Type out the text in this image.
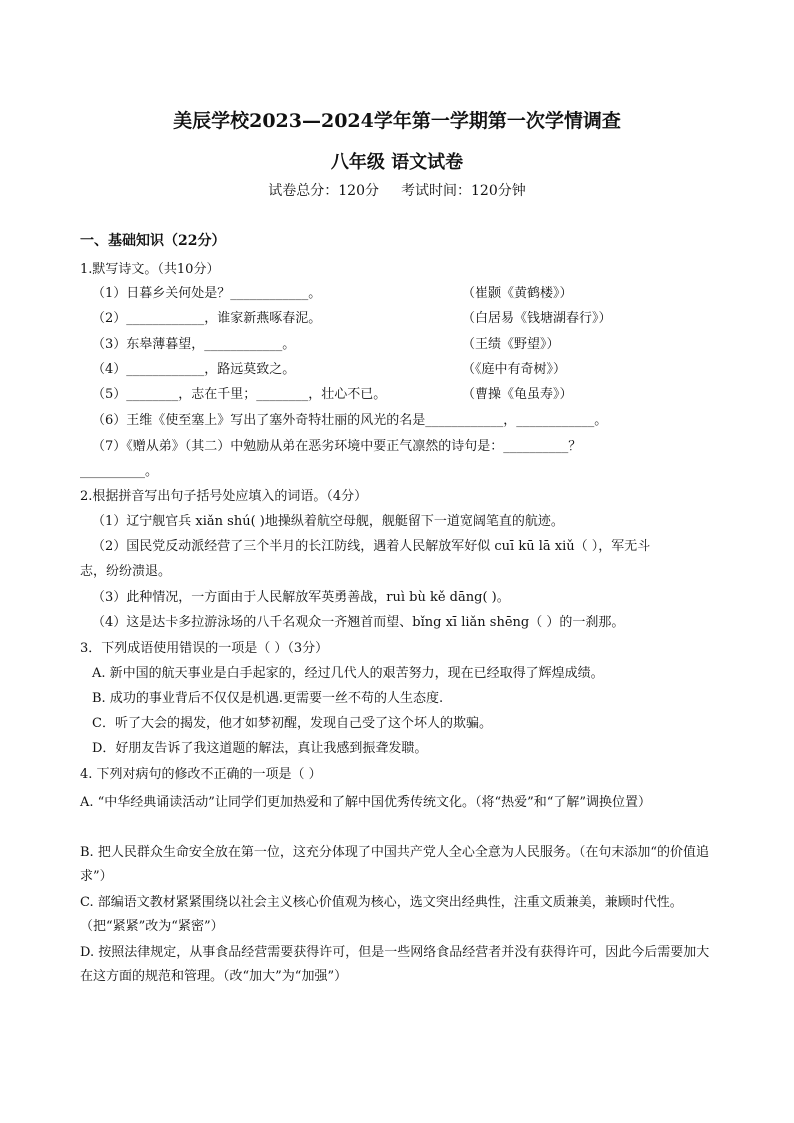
美辰学校2023—2024学年第一学期第一次学情调查
八年级 语文试卷
试卷总分：120分 考试时间：120分钟
一、基础知识（22分）
1.默写诗文。（共10分）
（1）日暮乡关何处是？____________。	（崔颢《黄鹤楼》）
（2）____________，谁家新燕啄春泥。	（白居易《钱塘湖春行》）
（3）东皋薄暮望，____________。	（王绩《野望》）
（4）____________，路远莫致之。	（《庭中有奇树》）
（5）________，志在千里；________，壮心不已。	（曹操《龟虽寿》）
（6）王维《使至塞上》写出了塞外奇特壮丽的风光的名是____________，____________。
（7）《赠从弟》（其二）中勉励从弟在恶劣环境中要正气凛然的诗句是：__________？
__________。
2.根据拼音写出句子括号处应填入的词语。（4分）
（1）辽宁舰官兵 xiǎn shú( )地操纵着航空母舰，舰艇留下一道宽阔笔直的航迹。
（2）国民党反动派经营了三个半月的长江防线，遇着人民解放军好似 cuī kū lā xiǔ（ ），军无斗
志，纷纷溃退。
（3）此种情况，一方面由于人民解放军英勇善战，ruì bù kě dāng( )。
（4）这是达卡多拉游泳场的八千名观众一齐翘首而望、bǐng xī liǎn shēng（ ）的一刹那。
3．下列成语使用错误的一项是（ ）（3分）
A. 新中国的航天事业是白手起家的，经过几代人的艰苦努力，现在已经取得了辉煌成绩。
B. 成功的事业背后不仅仅是机遇.更需要一丝不苟的人生态度.
C．听了大会的揭发，他才如梦初醒，发现自己受了这个坏人的欺骗。
D．好朋友告诉了我这道题的解法，真让我感到振聋发聩。
4. 下列对病句的修改不正确的一项是（ ）
A. “中华经典诵读活动”让同学们更加热爱和了解中国优秀传统文化。（将“热爱”和“了解”调换位置）
B. 把人民群众生命安全放在第一位，这充分体现了中国共产党人全心全意为人民服务。（在句末添加“的价值追求”）
C. 部编语文教材紧紧围绕以社会主义核心价值观为核心，选文突出经典性，注重文质兼美，兼顾时代性。（把“紧紧”改为“紧密”）
D. 按照法律规定，从事食品经营需要获得许可，但是一些网络食品经营者并没有获得许可，因此今后需要加大在这方面的规范和管理。（改“加大”为“加强”）
